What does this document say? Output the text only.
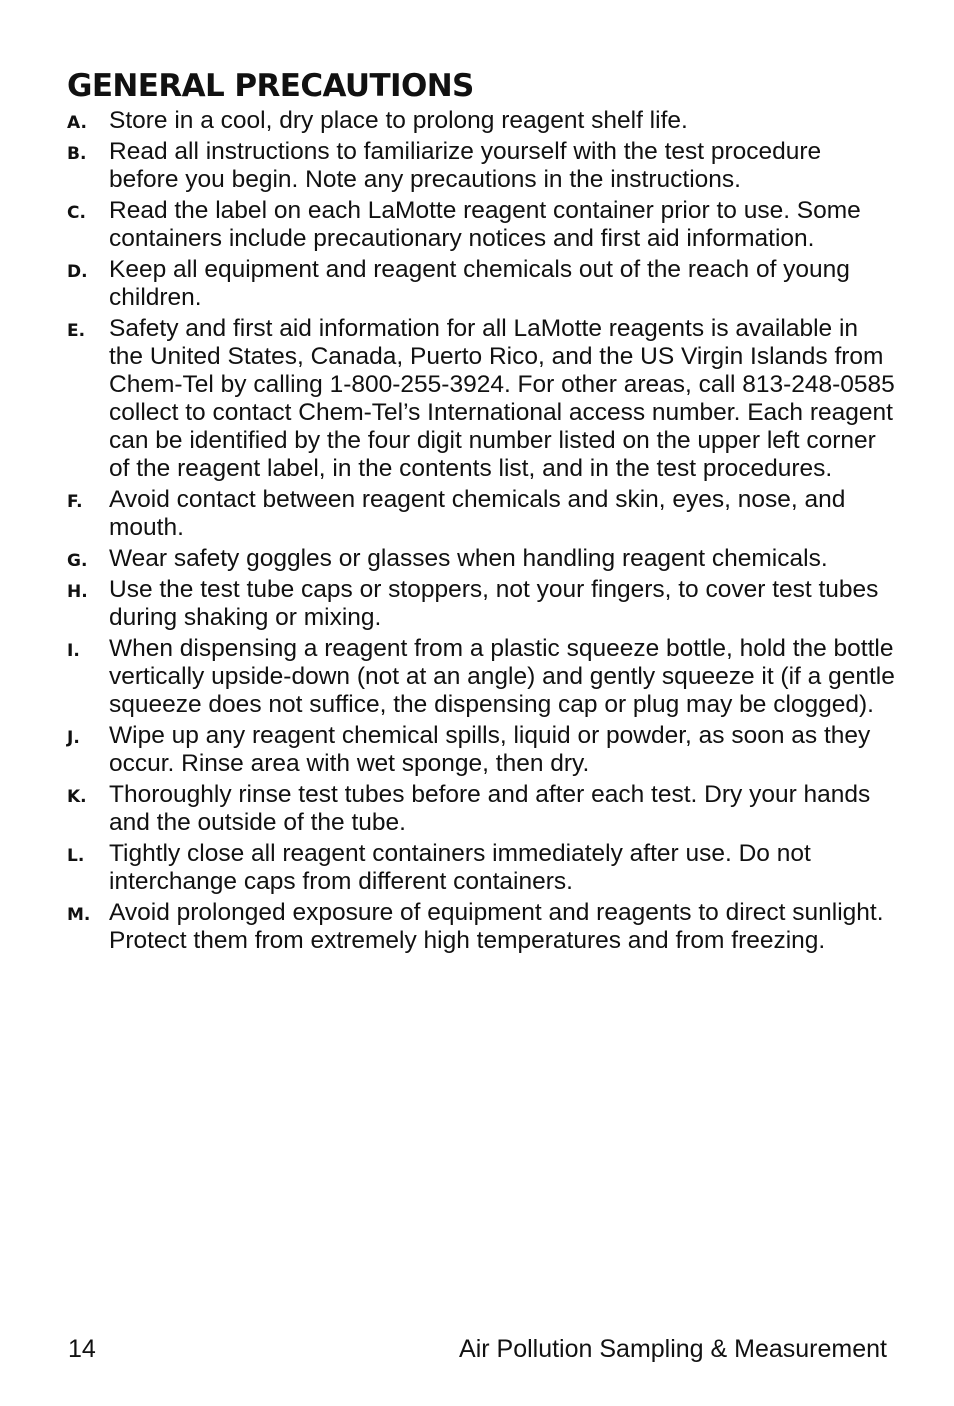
GENERAL PRECAUTIONS
A. Store in a cool, dry place to prolong reagent shelf life.
B. Read all instructions to familiarize yourself with the test procedure before you begin. Note any precautions in the instructions.
C. Read the label on each LaMotte reagent container prior to use. Some containers include precautionary notices and first aid information.
D. Keep all equipment and reagent chemicals out of the reach of young children.
E. Safety and first aid information for all LaMotte reagents is available in the United States, Canada, Puerto Rico, and the US Virgin Islands from Chem-Tel by calling 1-800-255-3924. For other areas, call 813-248-0585 collect to contact Chem-Tel’s International access number. Each reagent can be identified by the four digit number listed on the upper left corner of the reagent label, in the contents list, and in the test procedures.
F. Avoid contact between reagent chemicals and skin, eyes, nose, and mouth.
G. Wear safety goggles or glasses when handling reagent chemicals.
H. Use the test tube caps or stoppers, not your fingers, to cover test tubes during shaking or mixing.
I. When dispensing a reagent from a plastic squeeze bottle, hold the bottle vertically upside-down (not at an angle) and gently squeeze it (if a gentle squeeze does not suffice, the dispensing cap or plug may be clogged).
J. Wipe up any reagent chemical spills, liquid or powder, as soon as they occur. Rinse area with wet sponge, then dry.
K. Thoroughly rinse test tubes before and after each test. Dry your hands and the outside of the tube.
L. Tightly close all reagent containers immediately after use. Do not interchange caps from different containers.
M. Avoid prolonged exposure of equipment and reagents to direct sunlight. Protect them from extremely high temperatures and from freezing.
14	Air Pollution Sampling & Measurement
